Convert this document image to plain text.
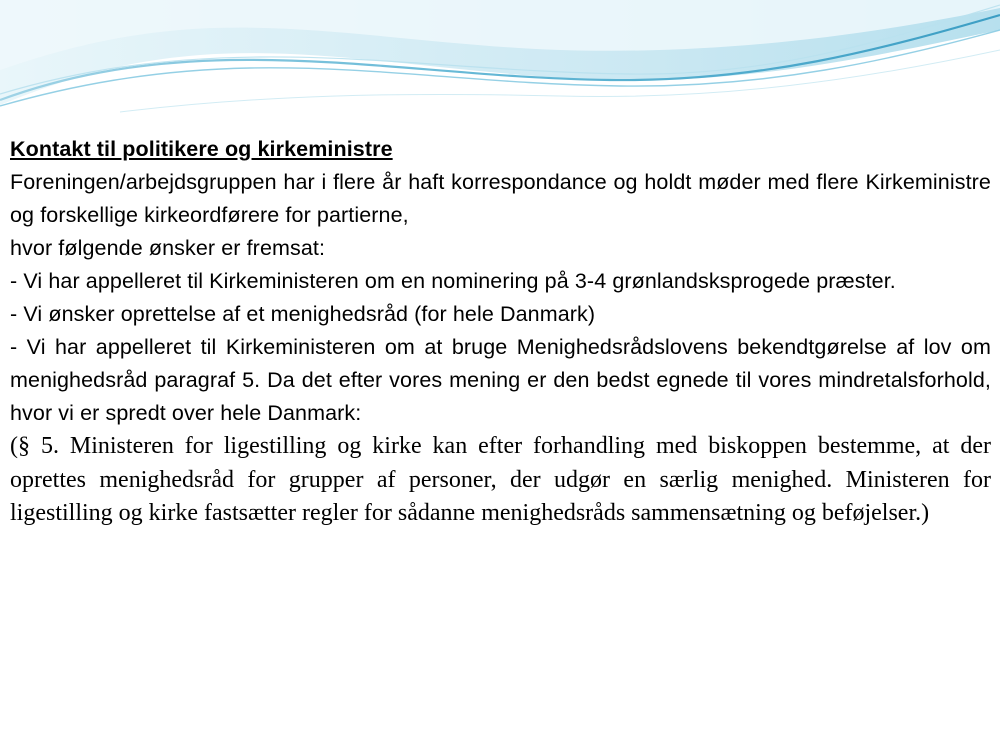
Kontakt til politikere og kirkeministre

Foreningen/arbejdsgruppen har i flere år haft korrespondance og holdt møder med flere Kirkeministre og forskellige kirkeordførere for partierne,

hvor følgende ønsker er fremsat:

- Vi har appelleret til Kirkeministeren om en nominering på 3-4 grønlandsksprogede præster.

- Vi ønsker oprettelse af et menighedsråd (for hele Danmark)

- Vi har appelleret til Kirkeministeren om at bruge Menighedsrådslovens bekendtgørelse af lov om menighedsråd paragraf 5. Da det efter vores mening er den bedst egnede til vores mindretalsforhold, hvor vi er spredt over hele Danmark:

(§ 5. Ministeren for ligestilling og kirke kan efter forhandling med biskoppen bestemme, at der oprettes menighedsråd for grupper af personer, der udgør en særlig menighed. Ministeren for ligestilling og kirke fastsætter regler for sådanne menighedsråds sammensætning og beføjelser.)
